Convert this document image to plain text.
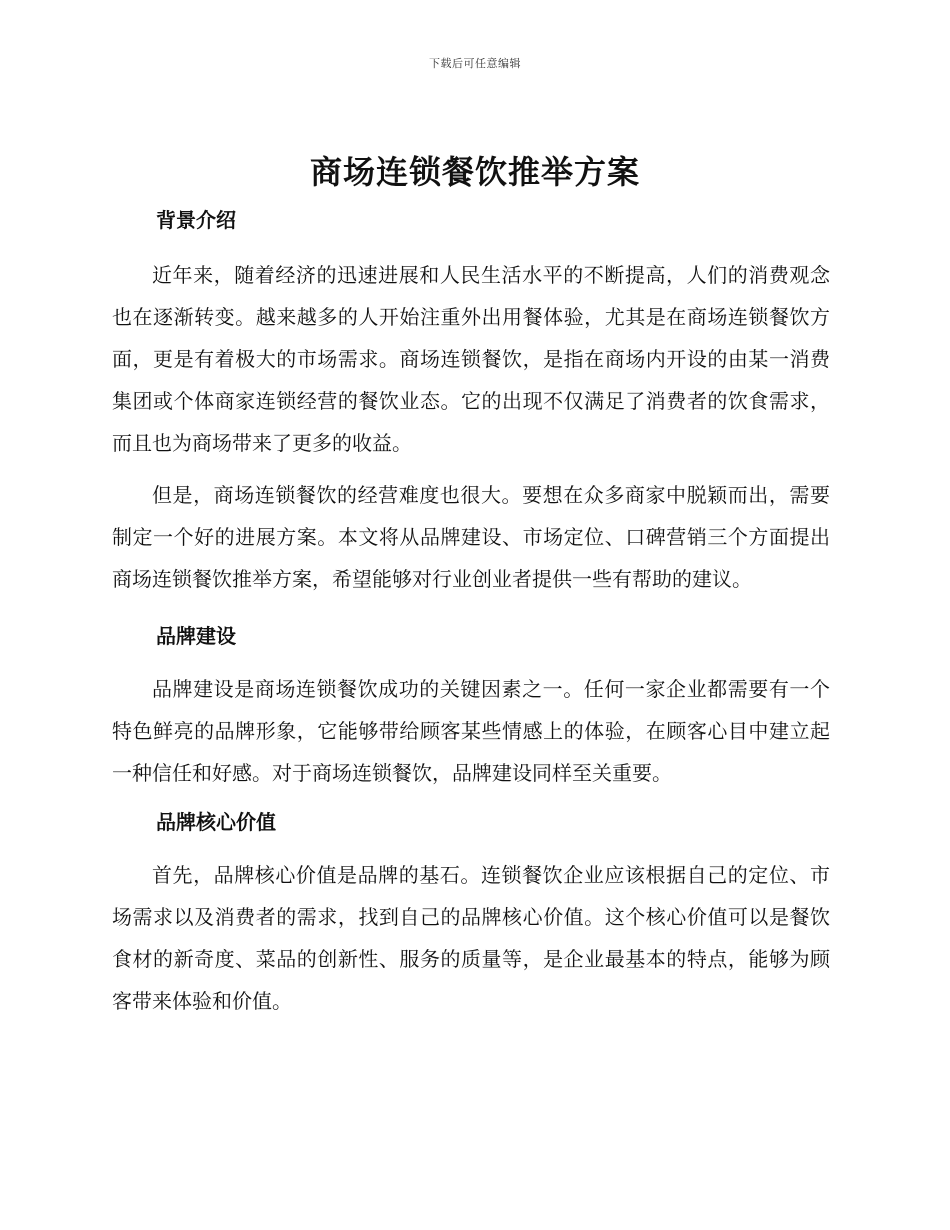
下载后可任意编辑
商场连锁餐饮推举方案
背景介绍

近年来，随着经济的迅速进展和人民生活水平的不断提高，人们的消费观念也在逐渐转变。越来越多的人开始注重外出用餐体验，尤其是在商场连锁餐饮方面，更是有着极大的市场需求。商场连锁餐饮，是指在商场内开设的由某一消费集团或个体商家连锁经营的餐饮业态。它的出现不仅满足了消费者的饮食需求，而且也为商场带来了更多的收益。

但是，商场连锁餐饮的经营难度也很大。要想在众多商家中脱颖而出，需要制定一个好的进展方案。本文将从品牌建设、市场定位、口碑营销三个方面提出商场连锁餐饮推举方案，希望能够对行业创业者提供一些有帮助的建议。

品牌建设

品牌建设是商场连锁餐饮成功的关键因素之一。任何一家企业都需要有一个特色鲜亮的品牌形象，它能够带给顾客某些情感上的体验，在顾客心目中建立起一种信任和好感。对于商场连锁餐饮，品牌建设同样至关重要。

品牌核心价值

首先，品牌核心价值是品牌的基石。连锁餐饮企业应该根据自己的定位、市场需求以及消费者的需求，找到自己的品牌核心价值。这个核心价值可以是餐饮食材的新奇度、菜品的创新性、服务的质量等，是企业最基本的特点，能够为顾客带来体验和价值。
